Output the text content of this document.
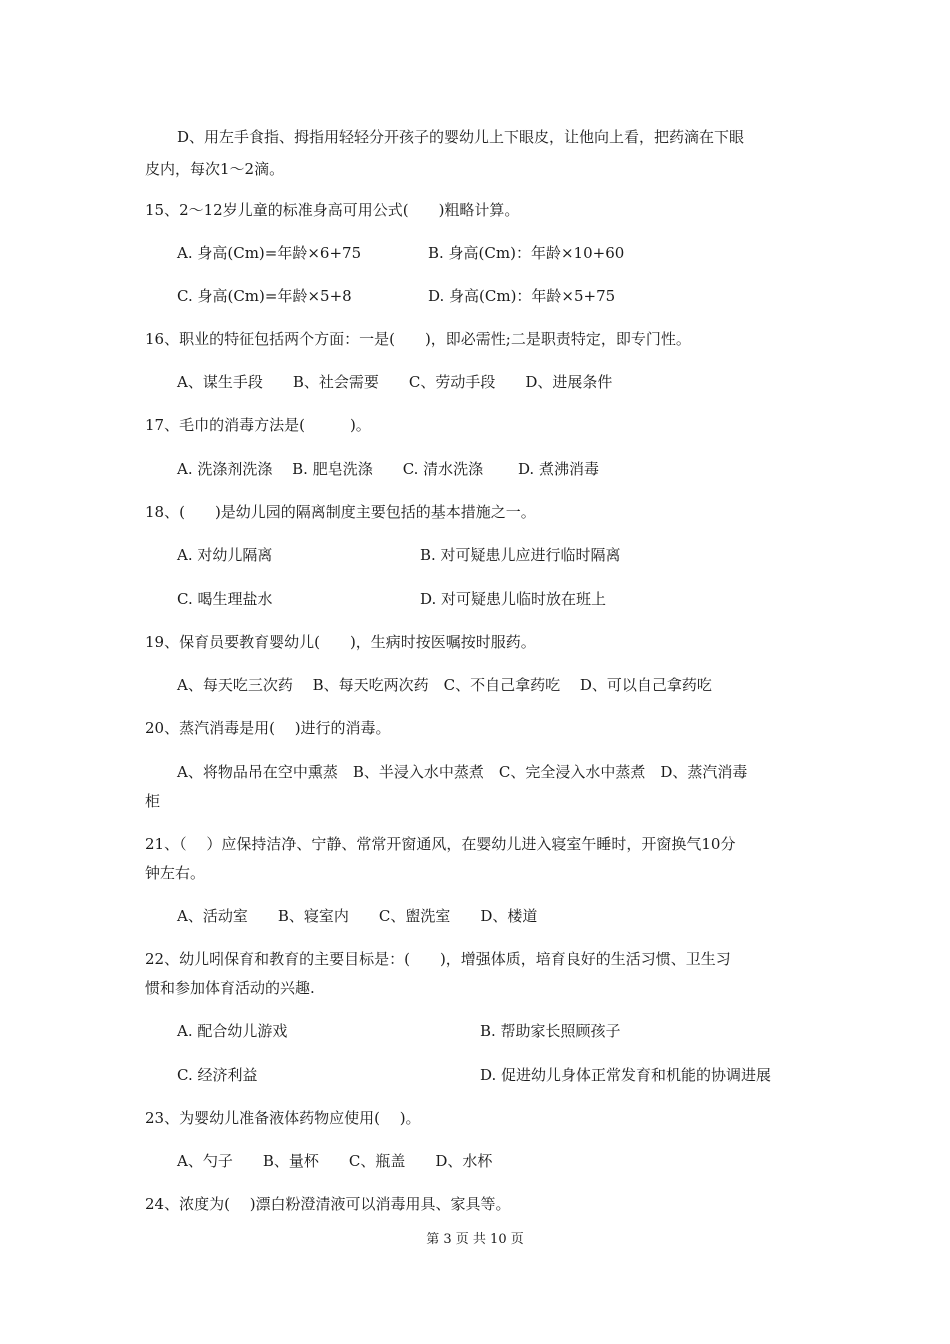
D、用左手食指、拇指用轻轻分开孩子的婴幼儿上下眼皮，让他向上看，把药滴在下眼
皮内，每次1～2滴。
15、2～12岁儿童的标准身高可用公式(　　)粗略计算。
A. 身高(Cm)=年龄×6+75	B. 身高(Cm)：年龄×10+60
C. 身高(Cm)=年龄×5+8	D. 身高(Cm)：年龄×5+75
16、职业的特征包括两个方面：一是(　　)，即必需性;二是职责特定，即专门性。
A、谋生手段　　B、社会需要　　C、劳动手段　　D、进展条件
17、毛巾的消毒方法是(　　　)。
A. 洗涤剂洗涤　 B. 肥皂洗涤　　C. 清水洗涤　　 D. 煮沸消毒
18、(　　)是幼儿园的隔离制度主要包括的基本措施之一。
A. 对幼儿隔离	B. 对可疑患儿应进行临时隔离
C. 喝生理盐水	D. 对可疑患儿临时放在班上
19、保育员要教育婴幼儿(　　)，生病时按医嘱按时服药。
A、每天吃三次药　 B、每天吃两次药　C、不自己拿药吃　 D、可以自己拿药吃
20、蒸汽消毒是用(　 )进行的消毒。
A、将物品吊在空中熏蒸　B、半浸入水中蒸煮　C、完全浸入水中蒸煮　D、蒸汽消毒
柜
21、（　 ）应保持洁净、宁静、常常开窗通风，在婴幼儿进入寝室午睡时，开窗换气10分
钟左右。
A、活动室　　B、寝室内　　C、盥洗室　　D、楼道
22、幼儿吲保育和教育的主要目标是：(　　)，增强体质，培育良好的生活习惯、卫生习
惯和参加体育活动的兴趣.
A. 配合幼儿游戏	B. 帮助家长照顾孩子
C. 经济利益	D. 促进幼儿身体正常发育和机能的协调进展
23、为婴幼儿准备液体药物应使用(　 )。
A、勺子　　B、量杯　　C、瓶盖　　D、水杯
24、浓度为(　 )漂白粉澄清液可以消毒用具、家具等。
第 3 页 共 10 页
